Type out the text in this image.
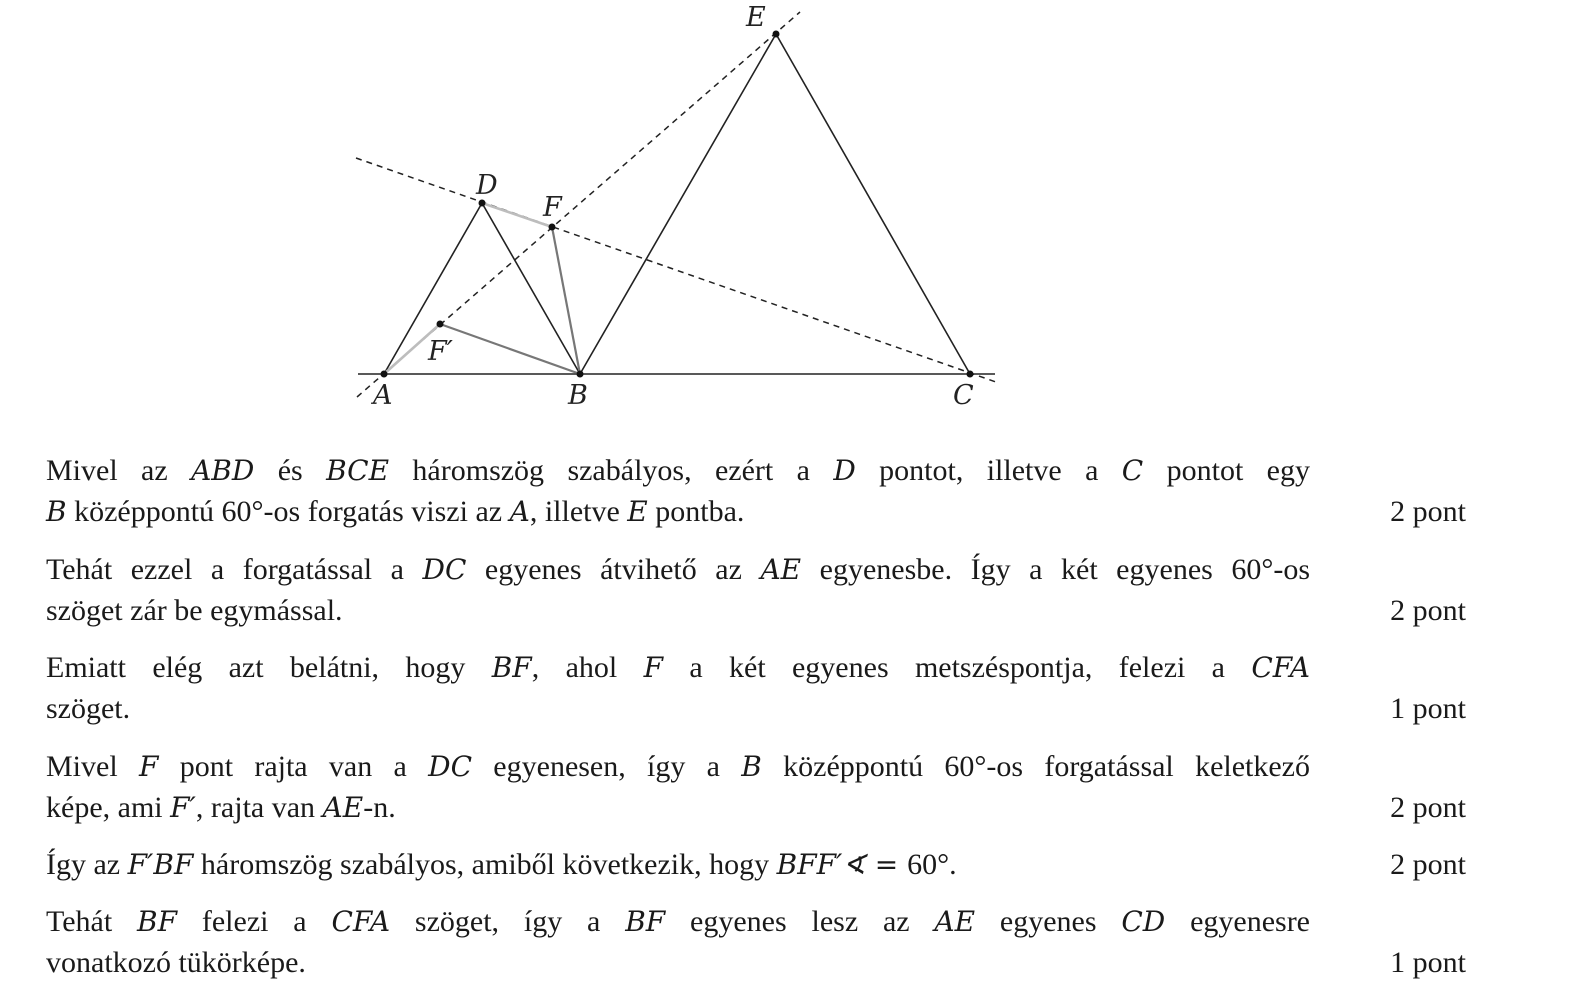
A	B	C
D
E
F
F′
Mivel az ABD és BCE háromszög szabályos, ezért a D pontot, illetve a C pontot egy
B középpontú 60°-os forgatás viszi az A, illetve E pontba.	2 pont
Tehát ezzel a forgatással a DC egyenes átvihető az AE egyenesbe. Így a két egyenes 60°-os
szöget zár be egymással.	2 pont
Emiatt elég azt belátni, hogy BF, ahol F a két egyenes metszéspontja, felezi a CFA
szöget.	1 pont
Mivel F pont rajta van a DC egyenesen, így a B középpontú 60°-os forgatással keletkező
képe, ami F′, rajta van AE-n.	2 pont
Így az F′BF háromszög szabályos, amiből következik, hogy BFF′∢ = 60°.	2 pont
Tehát BF felezi a CFA szöget, így a BF egyenes lesz az AE egyenes CD egyenesre
vonatkozó tükörképe.	1 pont
